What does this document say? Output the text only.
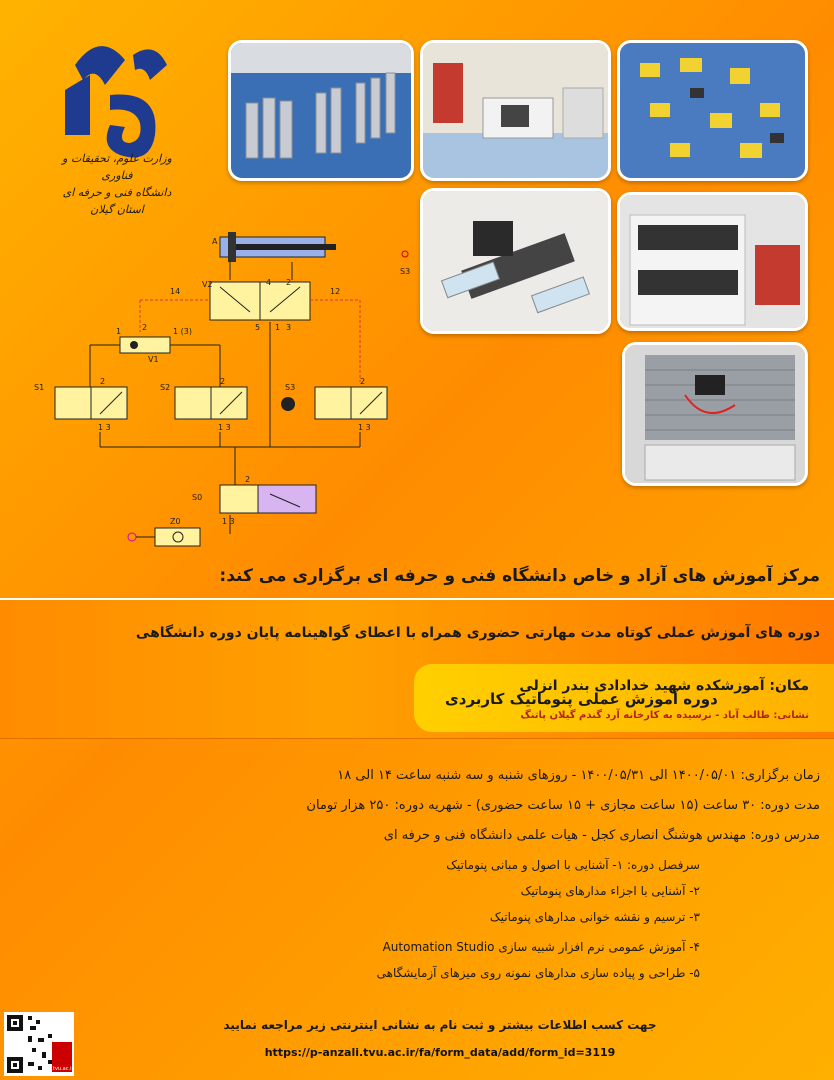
وزارت علوم، تحقیقات و فناوری
دانشگاه فنی و حرفه ای
استان گیلان
A
V2	4 2
5 1 3
14	12
V1
1	1 (3)
2
S1
2
1 3
S2
2
1 3
S3
2
1 3
S3
S0
2
1 3
Z0
مرکز آموزش های آزاد و خاص دانشگاه فنی و حرفه ای برگزاری می کند:
دوره های آموزش عملی کوتاه مدت مهارتی حضوری همراه با اعطای گواهینامه پایان دوره دانشگاهی
مکان: آموزشکده شهید خدادادی بندر انزلی
نشانی: طالب آباد - نرسیده به کارخانه آرد گندم گیلان پاتنگ
دوره آموزش عملی پنوماتیک کاربردی
زمان برگزاری: ۱۴۰۰/۰۵/۰۱ الی ۱۴۰۰/۰۵/۳۱ - روزهای شنبه و سه شنبه ساعت ۱۴ الی ۱۸
مدت دوره: ۳۰ ساعت (۱۵ ساعت مجازی + ۱۵ ساعت حضوری) - شهریه دوره: ۲۵۰ هزار تومان
مدرس دوره: مهندس هوشنگ انصاری کجل - هیات علمی دانشگاه فنی و حرفه ای
سرفصل دوره: ۱- آشنایی با اصول و مبانی پنوماتیک
۲- آشنایی با اجزاء مدارهای پنوماتیک
۳- ترسیم و نقشه خوانی مدارهای پنوماتیک
۴- آموزش عمومی نرم افزار شبیه سازی Automation Studio
۵- طراحی و پیاده سازی مدارهای نمونه روی میزهای آزمایشگاهی
جهت کسب اطلاعات بیشتر و ثبت نام به نشانی اینترنتی زیر مراجعه نمایید
https://p-anzali.tvu.ac.ir/fa/form_data/add/form_id=3119
tvu.ac.ir
